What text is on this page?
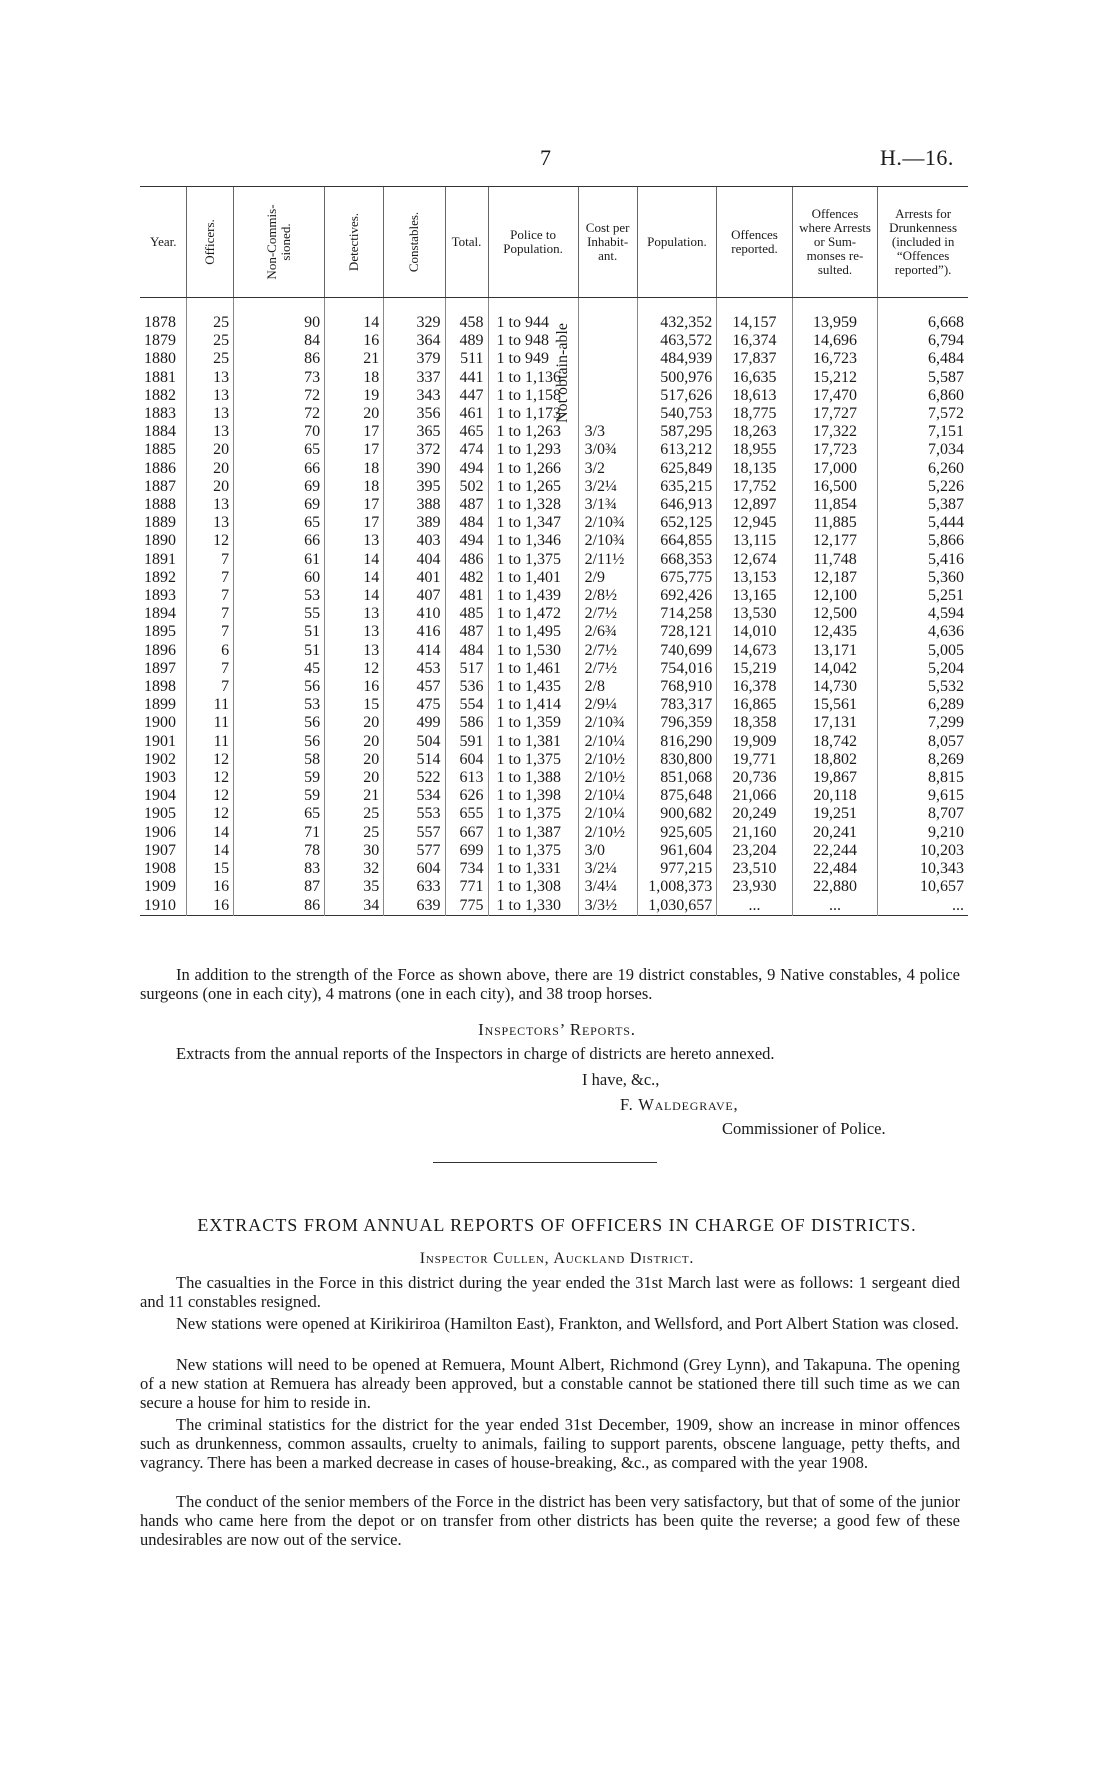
7	H.—16.
Year.	Officers.	Non-Commis-sioned.	Detectives.	Constables.	Total.	Police to Population.	Cost per Inhabit-ant.	Population.	Offences reported.	Offences where Arrests or Sum-monses re-sulted.	Arrests for Drunkenness (included in “Offences reported”).
1878	25	90	14	329	458	1 to 944		432,352	14,157	13,959	6,668
1879	25	84	16	364	489	1 to 948		463,572	16,374	14,696	6,794
1880	25	86	21	379	511	1 to 949		484,939	17,837	16,723	6,484
1881	13	73	18	337	441	1 to 1,136		500,976	16,635	15,212	5,587
1882	13	72	19	343	447	1 to 1,158		517,626	18,613	17,470	6,860
1883	13	72	20	356	461	1 to 1,173		540,753	18,775	17,727	7,572
1884	13	70	17	365	465	1 to 1,263	3/3	587,295	18,263	17,322	7,151
1885	20	65	17	372	474	1 to 1,293	3/0¾	613,212	18,955	17,723	7,034
1886	20	66	18	390	494	1 to 1,266	3/2	625,849	18,135	17,000	6,260
1887	20	69	18	395	502	1 to 1,265	3/2¼	635,215	17,752	16,500	5,226
1888	13	69	17	388	487	1 to 1,328	3/1¾	646,913	12,897	11,854	5,387
1889	13	65	17	389	484	1 to 1,347	2/10¾	652,125	12,945	11,885	5,444
1890	12	66	13	403	494	1 to 1,346	2/10¾	664,855	13,115	12,177	5,866
1891	7	61	14	404	486	1 to 1,375	2/11½	668,353	12,674	11,748	5,416
1892	7	60	14	401	482	1 to 1,401	2/9	675,775	13,153	12,187	5,360
1893	7	53	14	407	481	1 to 1,439	2/8½	692,426	13,165	12,100	5,251
1894	7	55	13	410	485	1 to 1,472	2/7½	714,258	13,530	12,500	4,594
1895	7	51	13	416	487	1 to 1,495	2/6¾	728,121	14,010	12,435	4,636
1896	6	51	13	414	484	1 to 1,530	2/7½	740,699	14,673	13,171	5,005
1897	7	45	12	453	517	1 to 1,461	2/7½	754,016	15,219	14,042	5,204
1898	7	56	16	457	536	1 to 1,435	2/8	768,910	16,378	14,730	5,532
1899	11	53	15	475	554	1 to 1,414	2/9¼	783,317	16,865	15,561	6,289
1900	11	56	20	499	586	1 to 1,359	2/10¾	796,359	18,358	17,131	7,299
1901	11	56	20	504	591	1 to 1,381	2/10¼	816,290	19,909	18,742	8,057
1902	12	58	20	514	604	1 to 1,375	2/10½	830,800	19,771	18,802	8,269
1903	12	59	20	522	613	1 to 1,388	2/10½	851,068	20,736	19,867	8,815
1904	12	59	21	534	626	1 to 1,398	2/10¼	875,648	21,066	20,118	9,615
1905	12	65	25	553	655	1 to 1,375	2/10¼	900,682	20,249	19,251	8,707
1906	14	71	25	557	667	1 to 1,387	2/10½	925,605	21,160	20,241	9,210
1907	14	78	30	577	699	1 to 1,375	3/0	961,604	23,204	22,244	10,203
1908	15	83	32	604	734	1 to 1,331	3/2¼	977,215	23,510	22,484	10,343
1909	16	87	35	633	771	1 to 1,308	3/4¼	1,008,373	23,930	22,880	10,657
1910	16	86	34	639	775	1 to 1,330	3/3½	1,030,657	...	...	...
Not obtain-able

In addition to the strength of the Force as shown above, there are 19 district constables, 9 Native constables, 4 police surgeons (one in each city), 4 matrons (one in each city), and 38 troop horses.

Inspectors’ Reports.
Extracts from the annual reports of the Inspectors in charge of districts are hereto annexed.
I have, &c.,
F. Waldegrave,
Commissioner of Police.
EXTRACTS FROM ANNUAL REPORTS OF OFFICERS IN CHARGE OF DISTRICTS.
Inspector Cullen, Auckland District.

The casualties in the Force in this district during the year ended the 31st March last were as follows: 1 sergeant died and 11 constables resigned.

New stations were opened at Kirikiriroa (Hamilton East), Frankton, and Wellsford, and Port Albert Station was closed.

New stations will need to be opened at Remuera, Mount Albert, Richmond (Grey Lynn), and Takapuna. The opening of a new station at Remuera has already been approved, but a constable cannot be stationed there till such time as we can secure a house for him to reside in.

The criminal statistics for the district for the year ended 31st December, 1909, show an increase in minor offences such as drunkenness, common assaults, cruelty to animals, failing to support parents, obscene language, petty thefts, and vagrancy. There has been a marked decrease in cases of house-breaking, &c., as compared with the year 1908.

The conduct of the senior members of the Force in the district has been very satisfactory, but that of some of the junior hands who came here from the depot or on transfer from other districts has been quite the reverse; a good few of these undesirables are now out of the service.
